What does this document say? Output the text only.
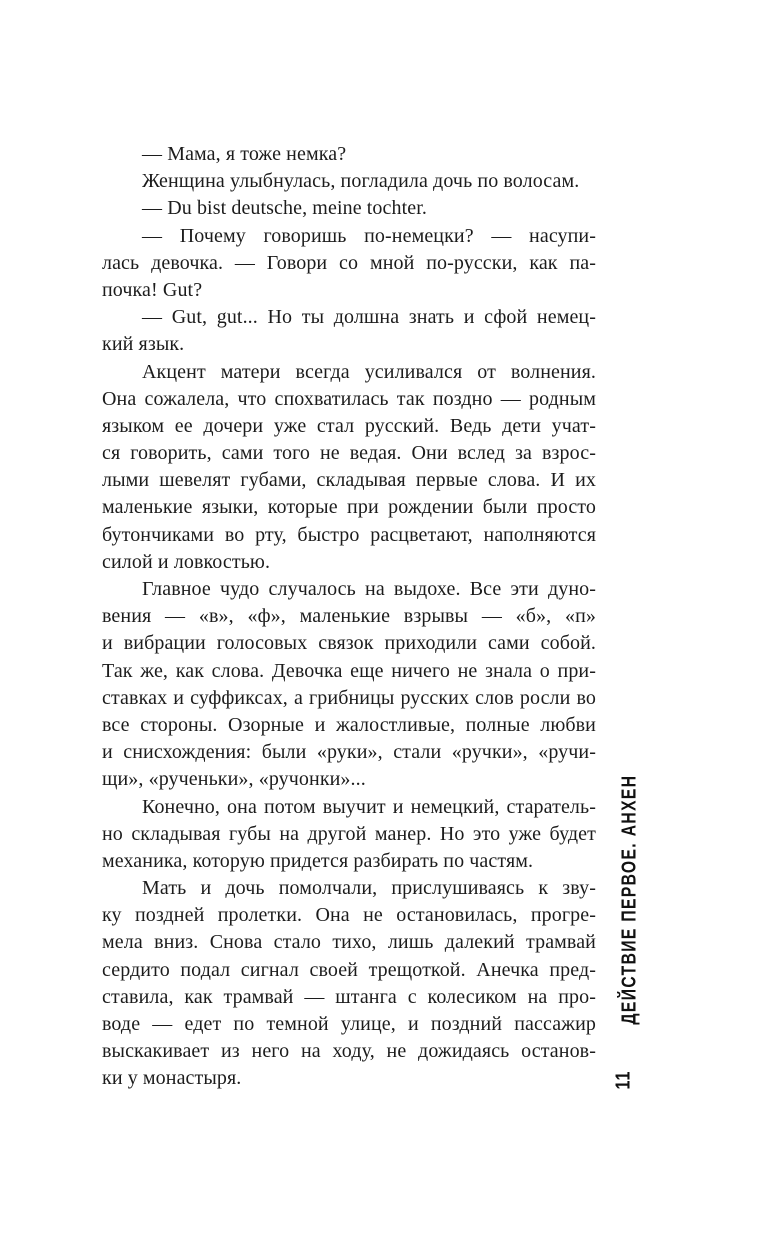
— Мама, я тоже немка?
Женщина улыбнулась, погладила дочь по волосам.
— Du bist deutsche, meine tochter.
— Почему говоришь по-немецки? — насупи-
лась девочка. — Говори со мной по-русски, как па-
почка! Gut?
— Gut, gut... Но ты долшна знать и сфой немец-
кий язык.
Акцент матери всегда усиливался от волнения.
Она сожалела, что спохватилась так поздно — родным
языком ее дочери уже стал русский. Ведь дети учат-
ся говорить, сами того не ведая. Они вслед за взрос-
лыми шевелят губами, складывая первые слова. И их
маленькие языки, которые при рождении были просто
бутончиками во рту, быстро расцветают, наполняются
силой и ловкостью.
Главное чудо случалось на выдохе. Все эти дуно-
вения — «в», «ф», маленькие взрывы — «б», «п»
и вибрации голосовых связок приходили сами собой.
Так же, как слова. Девочка еще ничего не знала о при-
ставках и суффиксах, а грибницы русских слов росли во
все стороны. Озорные и жалостливые, полные любви
и снисхождения: были «руки», стали «ручки», «ручи-
щи», «рученьки», «ручонки»...
Конечно, она потом выучит и немецкий, старатель-
но складывая губы на другой манер. Но это уже будет
механика, которую придется разбирать по частям.
Мать и дочь помолчали, прислушиваясь к зву-
ку поздней пролетки. Она не остановилась, прогре-
мела вниз. Снова стало тихо, лишь далекий трамвай
сердито подал сигнал своей трещоткой. Анечка пред-
ставила, как трамвай — штанга с колесиком на про-
воде — едет по темной улице, и поздний пассажир
выскакивает из него на ходу, не дожидаясь останов-
ки у монастыря.
ДЕЙСТВИЕ ПЕРВОЕ. АНХЕН
11
